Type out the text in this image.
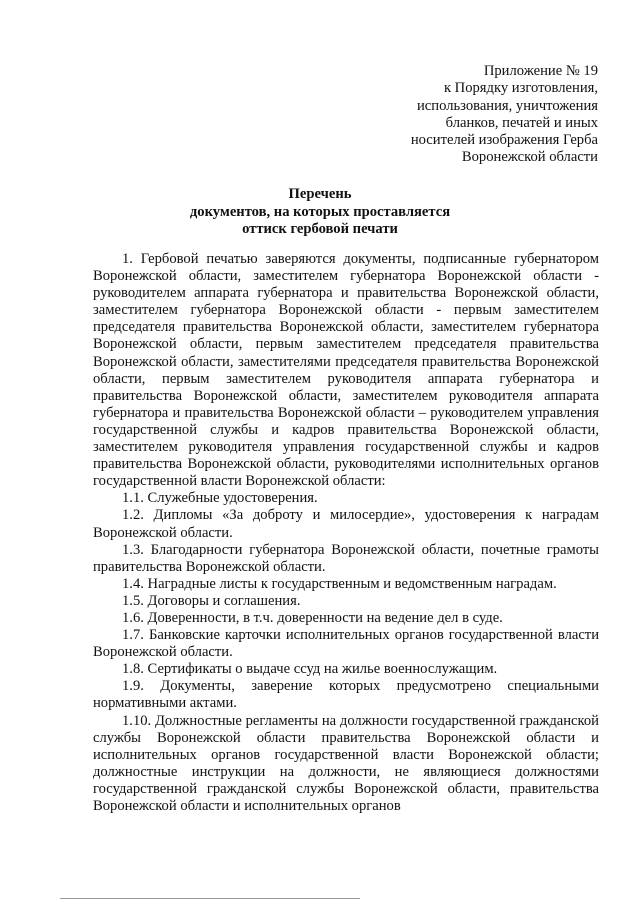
Приложение № 19
к Порядку изготовления,
использования, уничтожения
бланков, печатей и иных
носителей изображения Герба
Воронежской области
Перечень
документов, на которых проставляется
оттиск гербовой печати

1. Гербовой печатью заверяются документы, подписанные губернатором Воронежской области, заместителем губернатора Воронежской области - руководителем аппарата губернатора и правительства Воронежской области, заместителем губернатора Воронежской области - первым заместителем председателя правительства Воронежской области, заместителем губернатора Воронежской области, первым заместителем председателя правительства Воронежской области, заместителями председателя правительства Воронежской области, первым заместителем руководителя аппарата губернатора и правительства Воронежской области, заместителем руководителя аппарата губернатора и правительства Воронежской области – руководителем управления государственной службы и кадров правительства Воронежской области, заместителем руководителя управления государственной службы и кадров правительства Воронежской области, руководителями исполнительных органов государственной власти Воронежской области:

1.1. Служебные удостоверения.

1.2. Дипломы «За доброту и милосердие», удостоверения к наградам Воронежской области.

1.3. Благодарности губернатора Воронежской области, почетные грамоты правительства Воронежской области.

1.4. Наградные листы к государственным и ведомственным наградам.

1.5. Договоры и соглашения.

1.6. Доверенности, в т.ч. доверенности на ведение дел в суде.

1.7. Банковские карточки исполнительных органов государственной власти Воронежской области.

1.8. Сертификаты о выдаче ссуд на жилье военнослужащим.

1.9. Документы, заверение которых предусмотрено специальными нормативными актами.

1.10. Должностные регламенты на должности государственной гражданской службы Воронежской области правительства Воронежской области и исполнительных органов государственной власти Воронежской области; должностные инструкции на должности, не являющиеся должностями государственной гражданской службы Воронежской области, правительства Воронежской области и исполнительных органов
